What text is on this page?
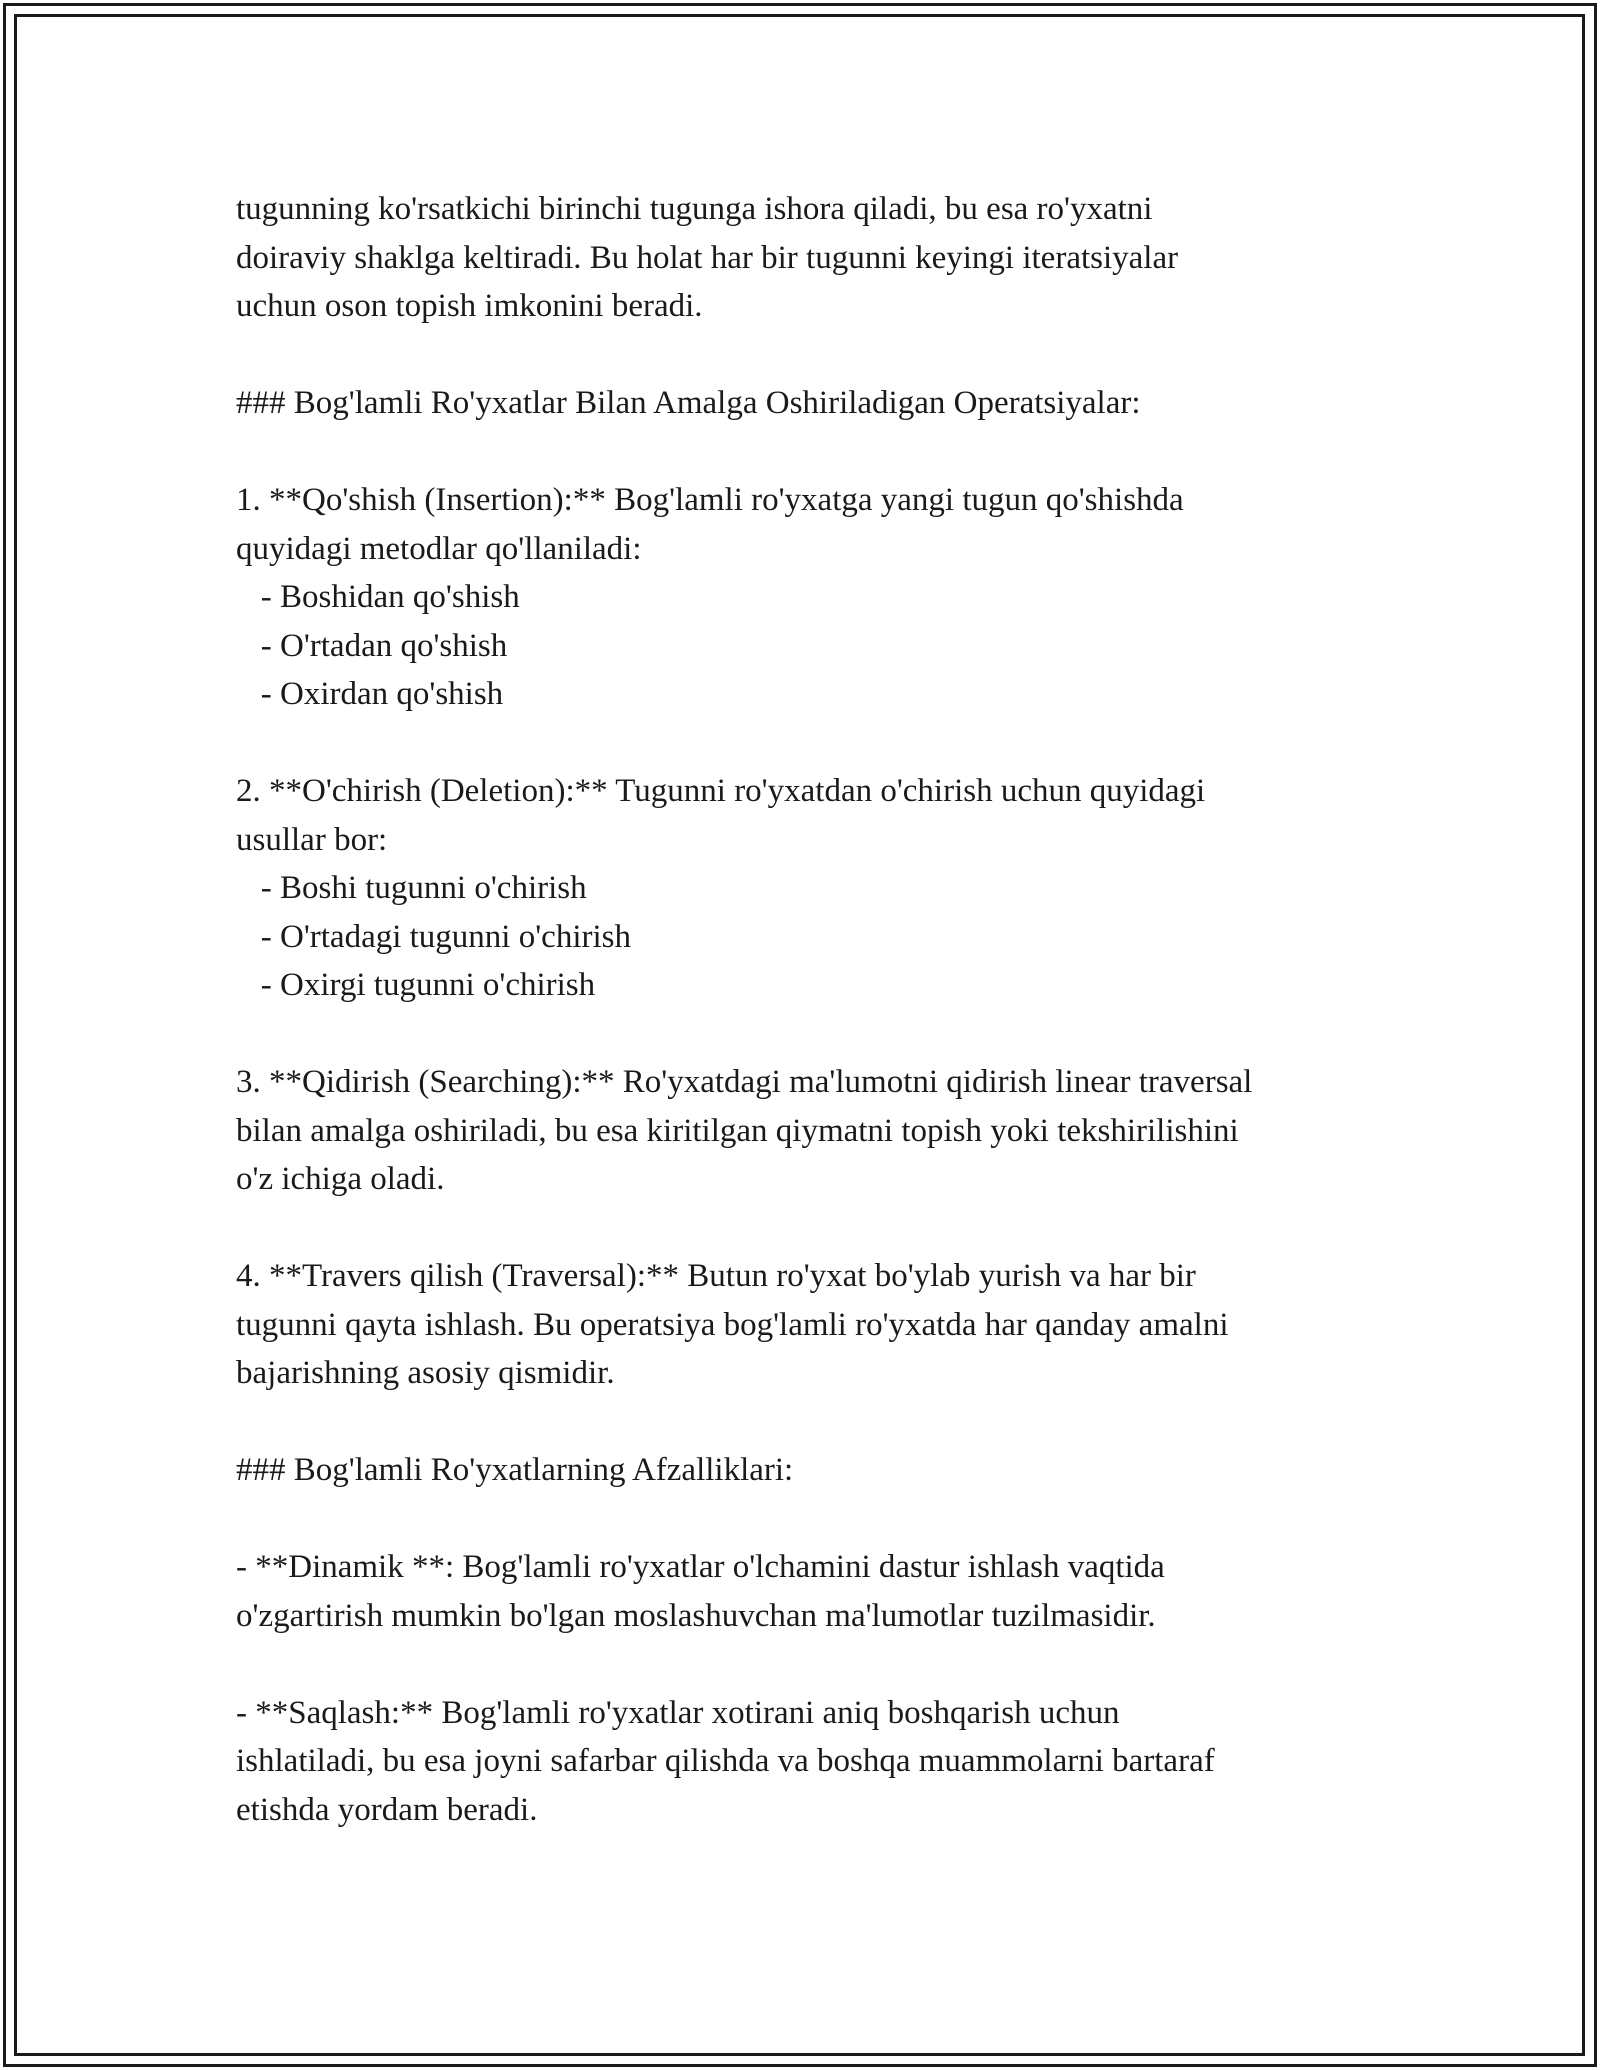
tugunning ko'rsatkichi birinchi tugunga ishora qiladi, bu esa ro'yxatni
doiraviy shaklga keltiradi. Bu holat har bir tugunni keyingi iteratsiyalar
uchun oson topish imkonini beradi.
### Bog'lamli Ro'yxatlar Bilan Amalga Oshiriladigan Operatsiyalar:
1. **Qo'shish (Insertion):** Bog'lamli ro'yxatga yangi tugun qo'shishda
quyidagi metodlar qo'llaniladi:
- Boshidan qo'shish
- O'rtadan qo'shish
- Oxirdan qo'shish
2. **O'chirish (Deletion):** Tugunni ro'yxatdan o'chirish uchun quyidagi
usullar bor:
- Boshi tugunni o'chirish
- O'rtadagi tugunni o'chirish
- Oxirgi tugunni o'chirish
3. **Qidirish (Searching):** Ro'yxatdagi ma'lumotni qidirish linear traversal
bilan amalga oshiriladi, bu esa kiritilgan qiymatni topish yoki tekshirilishini
o'z ichiga oladi.
4. **Travers qilish (Traversal):** Butun ro'yxat bo'ylab yurish va har bir
tugunni qayta ishlash. Bu operatsiya bog'lamli ro'yxatda har qanday amalni
bajarishning asosiy qismidir.
### Bog'lamli Ro'yxatlarning Afzalliklari:
- **Dinamik **: Bog'lamli ro'yxatlar o'lchamini dastur ishlash vaqtida
o'zgartirish mumkin bo'lgan moslashuvchan ma'lumotlar tuzilmasidir.
- **Saqlash:** Bog'lamli ro'yxatlar xotirani aniq boshqarish uchun
ishlatiladi, bu esa joyni safarbar qilishda va boshqa muammolarni bartaraf
etishda yordam beradi.
